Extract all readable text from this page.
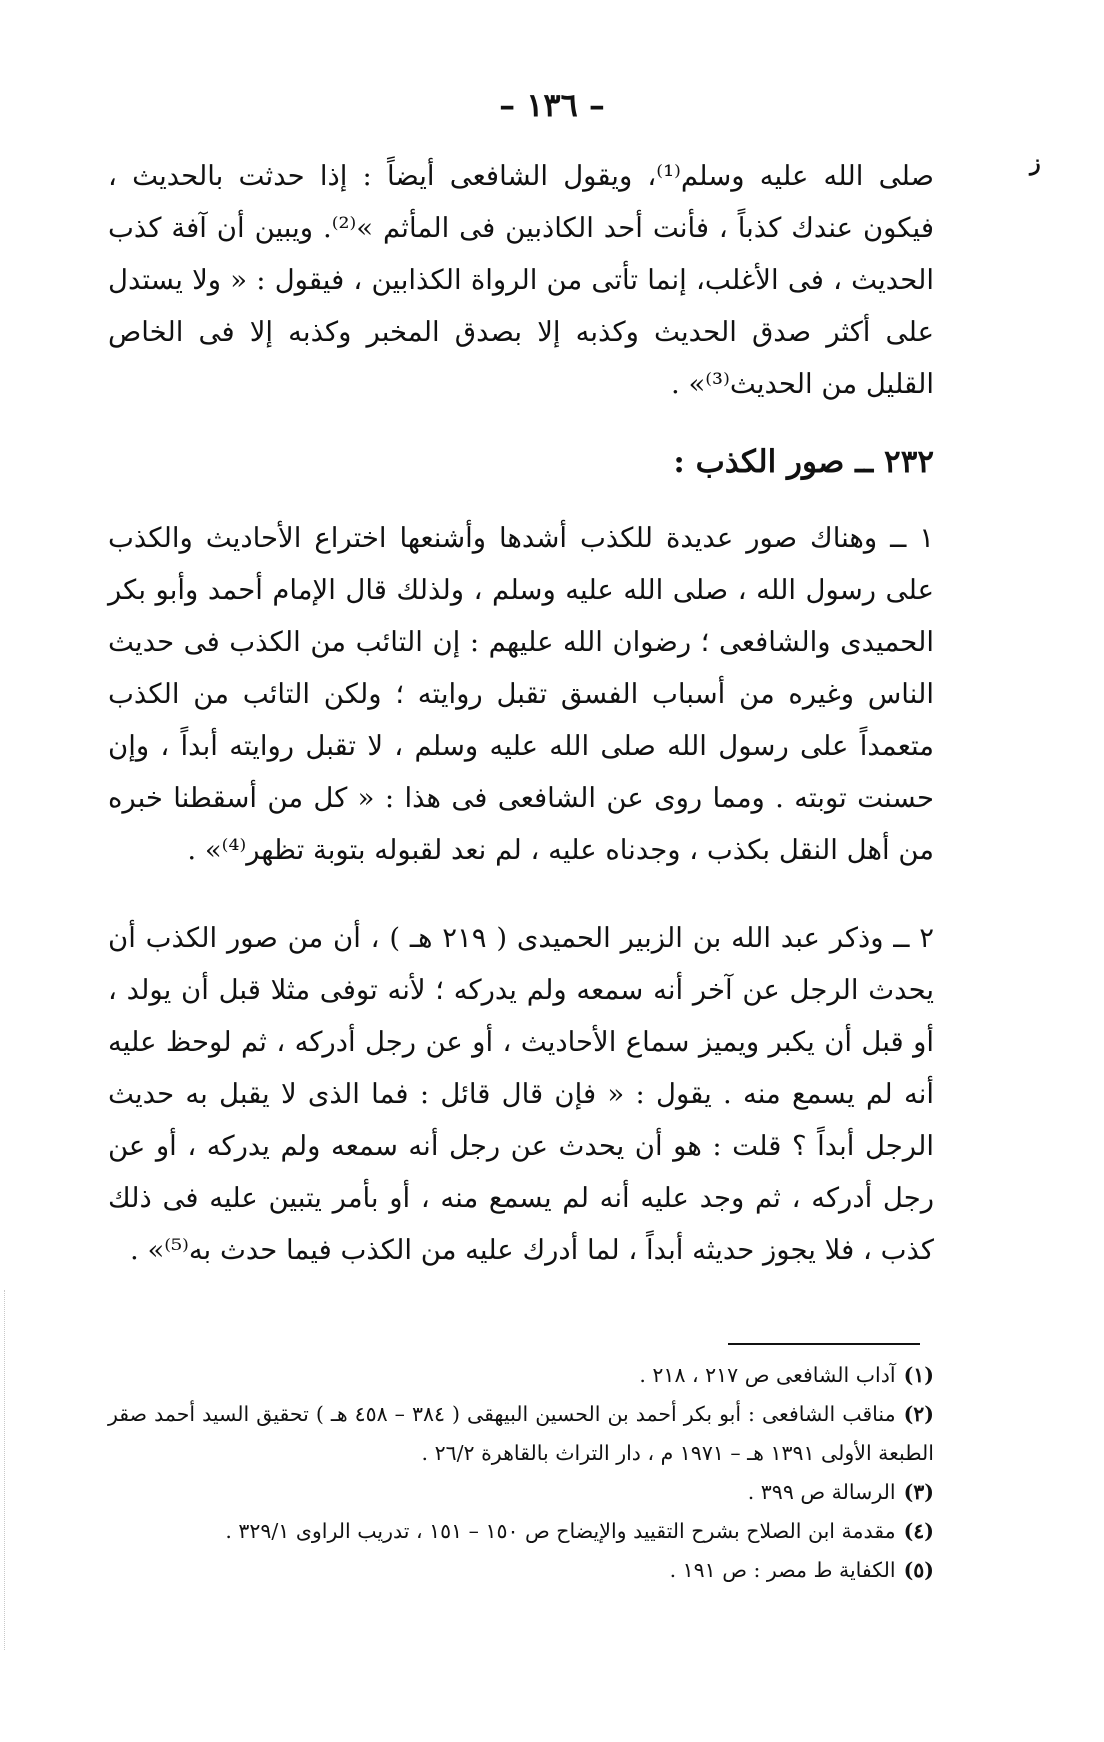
– ١٣٦ –
ز

صلى الله عليه وسلم⁽¹⁾، ويقول الشافعى أيضاً : إذا حدثت بالحديث ، فيكون عندك كذباً ، فأنت أحد الكاذبين فى المأثم »⁽²⁾. ويبين أن آفة كذب الحديث ، فى الأغلب، إنما تأتى من الرواة الكذابين ، فيقول : « ولا يستدل على أكثر صدق الحديث وكذبه إلا بصدق المخبر وكذبه إلا فى الخاص القليل من الحديث⁽³⁾» .

٢٣٢ ــ صور الكذب :

١ ــ وهناك صور عديدة للكذب أشدها وأشنعها اختراع الأحاديث والكذب على رسول الله ، صلى الله عليه وسلم ، ولذلك قال الإمام أحمد وأبو بكر الحميدى والشافعى ؛ رضوان الله عليهم : إن التائب من الكذب فى حديث الناس وغيره من أسباب الفسق تقبل روايته ؛ ولكن التائب من الكذب متعمداً على رسول الله صلى الله عليه وسلم ، لا تقبل روايته أبداً ، وإن حسنت توبته . ومما روى عن الشافعى فى هذا : « كل من أسقطنا خبره من أهل النقل بكذب ، وجدناه عليه ، لم نعد لقبوله بتوبة تظهر⁽⁴⁾» .

٢ ــ وذكر عبد الله بن الزبير الحميدى ( ٢١٩ هـ ) ، أن من صور الكذب أن يحدث الرجل عن آخر أنه سمعه ولم يدركه ؛ لأنه توفى مثلا قبل أن يولد ، أو قبل أن يكبر ويميز سماع الأحاديث ، أو عن رجل أدركه ، ثم لوحظ عليه أنه لم يسمع منه . يقول : « فإن قال قائل : فما الذى لا يقبل به حديث الرجل أبداً ؟ قلت : هو أن يحدث عن رجل أنه سمعه ولم يدركه ، أو عن رجل أدركه ، ثم وجد عليه أنه لم يسمع منه ، أو بأمر يتبين عليه فى ذلك كذب ، فلا يجوز حديثه أبداً ، لما أدرك عليه من الكذب فيما حدث به⁽⁵⁾» .

(١)آداب الشافعى ص ٢١٧ ، ٢١٨ .
(٢)مناقب الشافعى : أبو بكر أحمد بن الحسين البيهقى ( ٣٨٤ – ٤٥٨ هـ ) تحقيق السيد أحمد صقر الطبعة الأولى ١٣٩١ هـ – ١٩٧١ م ، دار التراث بالقاهرة ٢٦/٢ .
(٣)الرسالة ص ٣٩٩ .
(٤)مقدمة ابن الصلاح بشرح التقييد والإيضاح ص ١٥٠ – ١٥١ ، تدريب الراوى ٣٢٩/١ .
(٥)الكفاية ط مصر : ص ١٩١ .
